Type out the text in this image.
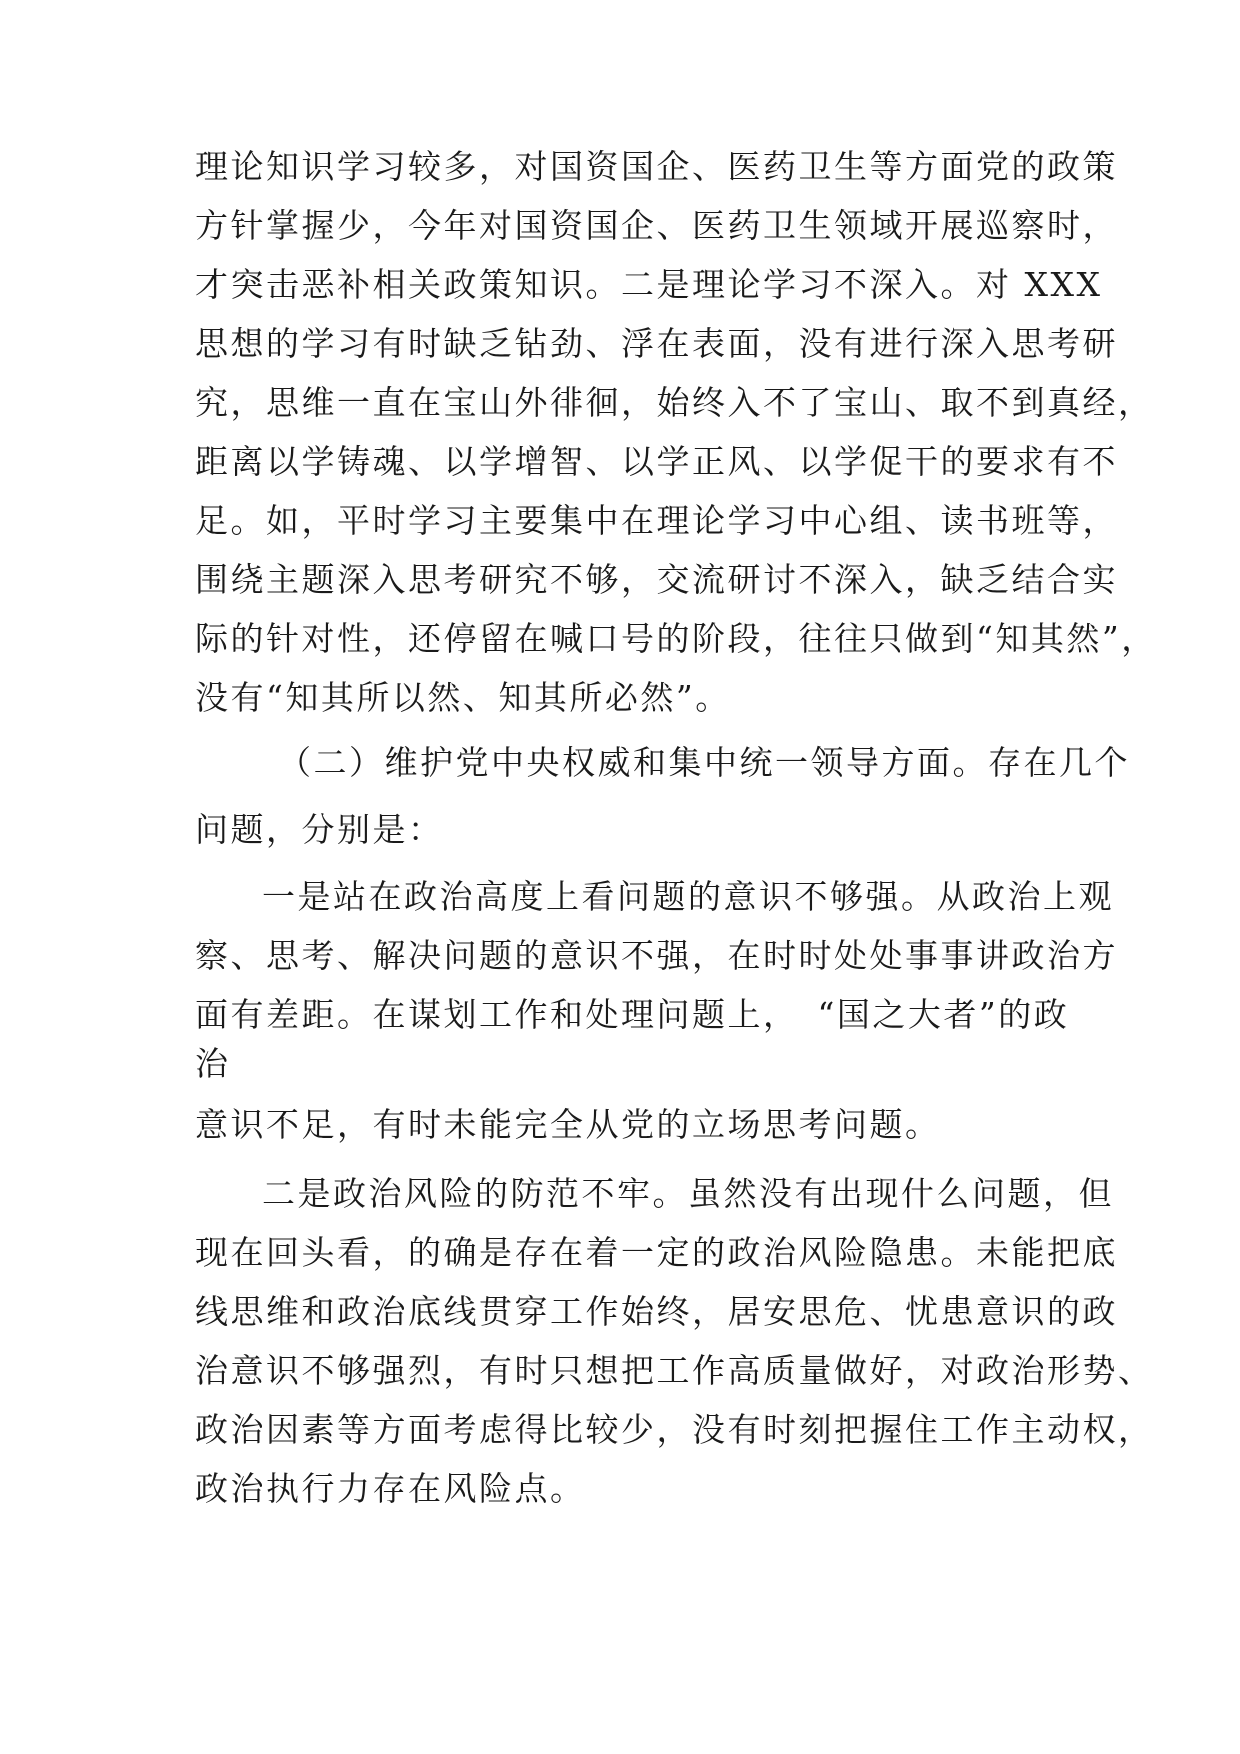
理论知识学习较多，对国资国企、医药卫生等方面党的政策
方针掌握少，今年对国资国企、医药卫生领域开展巡察时，
才突击恶补相关政策知识。二是理论学习不深入。对 XXX
思想的学习有时缺乏钻劲、浮在表面，没有进行深入思考研
究，思维一直在宝山外徘徊，始终入不了宝山、取不到真经，
距离以学铸魂、以学增智、以学正风、以学促干的要求有不
足。如，平时学习主要集中在理论学习中心组、读书班等，
围绕主题深入思考研究不够，交流研讨不深入，缺乏结合实
际的针对性，还停留在喊口号的阶段，往往只做到“知其然”，
没有“知其所以然、知其所必然”。
（二）维护党中央权威和集中统一领导方面。存在几个
问题，分别是：
一是站在政治高度上看问题的意识不够强。从政治上观
察、思考、解决问题的意识不强，在时时处处事事讲政治方
面有差距。在谋划工作和处理问题上，　“国之大者”的政
治
意识不足，有时未能完全从党的立场思考问题。
二是政治风险的防范不牢。虽然没有出现什么问题，但
现在回头看，的确是存在着一定的政治风险隐患。未能把底
线思维和政治底线贯穿工作始终，居安思危、忧患意识的政
治意识不够强烈，有时只想把工作高质量做好，对政治形势、
政治因素等方面考虑得比较少，没有时刻把握住工作主动权，
政治执行力存在风险点。
